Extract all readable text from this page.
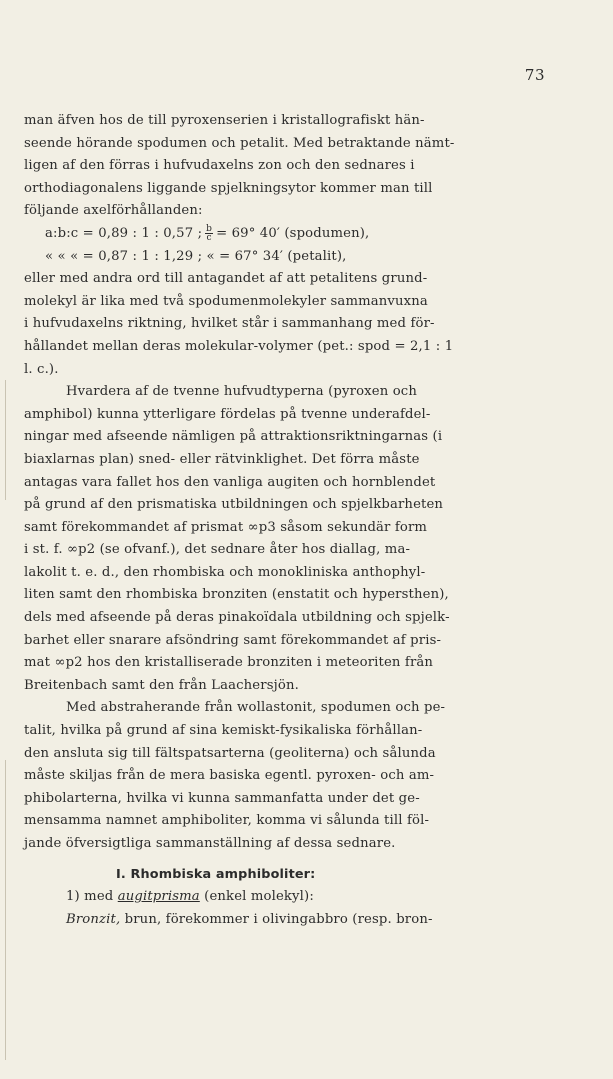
73
man äfven hos de till pyroxenserien i kristallografiskt hän-
seende hörande spodumen och petalit. Med betraktande nämt-
ligen af den förras i hufvudaxelns zon och den sednares i
orthodiagonalens liggande spjelkningsytor kommer man till
följande axelförhållanden:
a:b:c = 0,89 : 1 : 0,57 ; $\frac{b}{c} = 69^\circ$ 40′ (spodumen),
« « « = 0,87 : 1 : 1,29 ; « = 67° 34′ (petalit),
eller med andra ord till antagandet af att petalitens grund-
molekyl är lika med två spodumenmolekyler sammanvuxna
i hufvudaxelns riktning, hvilket står i sammanhang med för-
hållandet mellan deras molekular-volymer (pet.: spod = 2,1 : 1
l. c.).
Hvardera af de tvenne hufvudtyperna (pyroxen och
amphibol) kunna ytterligare fördelas på tvenne underafdel-
ningar med afseende nämligen på attraktionsriktningarnas (i
biaxlarnas plan) sned- eller rätvinklighet. Det förra måste
antagas vara fallet hos den vanliga augiten och hornblendet
på grund af den prismatiska utbildningen och spjelkbarheten
samt förekommandet af prismat ∞p3 såsom sekundär form
i st. f. ∞p2 (se ofvanf.), det sednare åter hos diallag, ma-
lakolit t. e. d., den rhombiska och monokliniska anthophyl-
liten samt den rhombiska bronziten (enstatit och hypersthen),
dels med afseende på deras pinakoïdala utbildning och spjelk-
barhet eller snarare afsöndring samt förekommandet af pris-
mat ∞p2 hos den kristalliserade bronziten i meteoriten från
Breitenbach samt den från Laachersjön.
Med abstraherande från wollastonit, spodumen och pe-
talit, hvilka på grund af sina kemiskt-fysikaliska förhållan-
den ansluta sig till fältspatsarterna (geoliterna) och sålunda
måste skiljas från de mera basiska egentl. pyroxen- och am-
phibolarterna, hvilka vi kunna sammanfatta under det ge-
mensamma namnet amphiboliter, komma vi sålunda till föl-
jande öfversigtliga sammanställning af dessa sednare.
I. Rhombiska amphiboliter:
1) med augitprisma (enkel molekyl):
Bronzit, brun, förekommer i olivingabbro (resp. bron-
